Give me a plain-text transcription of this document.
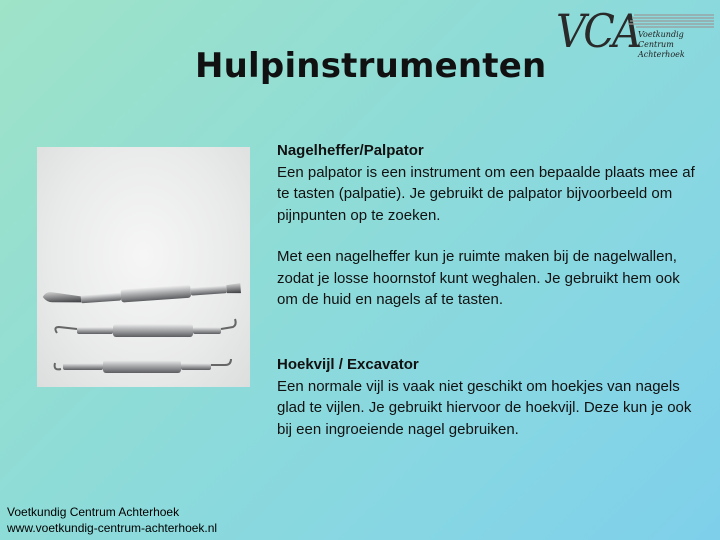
Hulpinstrumenten
VCA
Voetkundig Centrum
Achterhoek
Nagelheffer/Palpator
Een palpator is een instrument om een bepaalde plaats mee af te tasten (palpatie). Je gebruikt de palpator bijvoorbeeld om pijnpunten op te zoeken.
Met een nagelheffer kun je ruimte maken bij de nagelwallen, zodat je losse hoornstof kunt weghalen. Je gebruikt hem ook om de huid en nagels af te tasten.
Hoekvijl / Excavator
Een normale vijl is vaak niet geschikt om hoekjes van nagels glad te vijlen. Je gebruikt hiervoor de hoekvijl. Deze kun je ook bij een ingroeiende nagel gebruiken.
Voetkundig Centrum Achterhoek
www.voetkundig-centrum-achterhoek.nl
